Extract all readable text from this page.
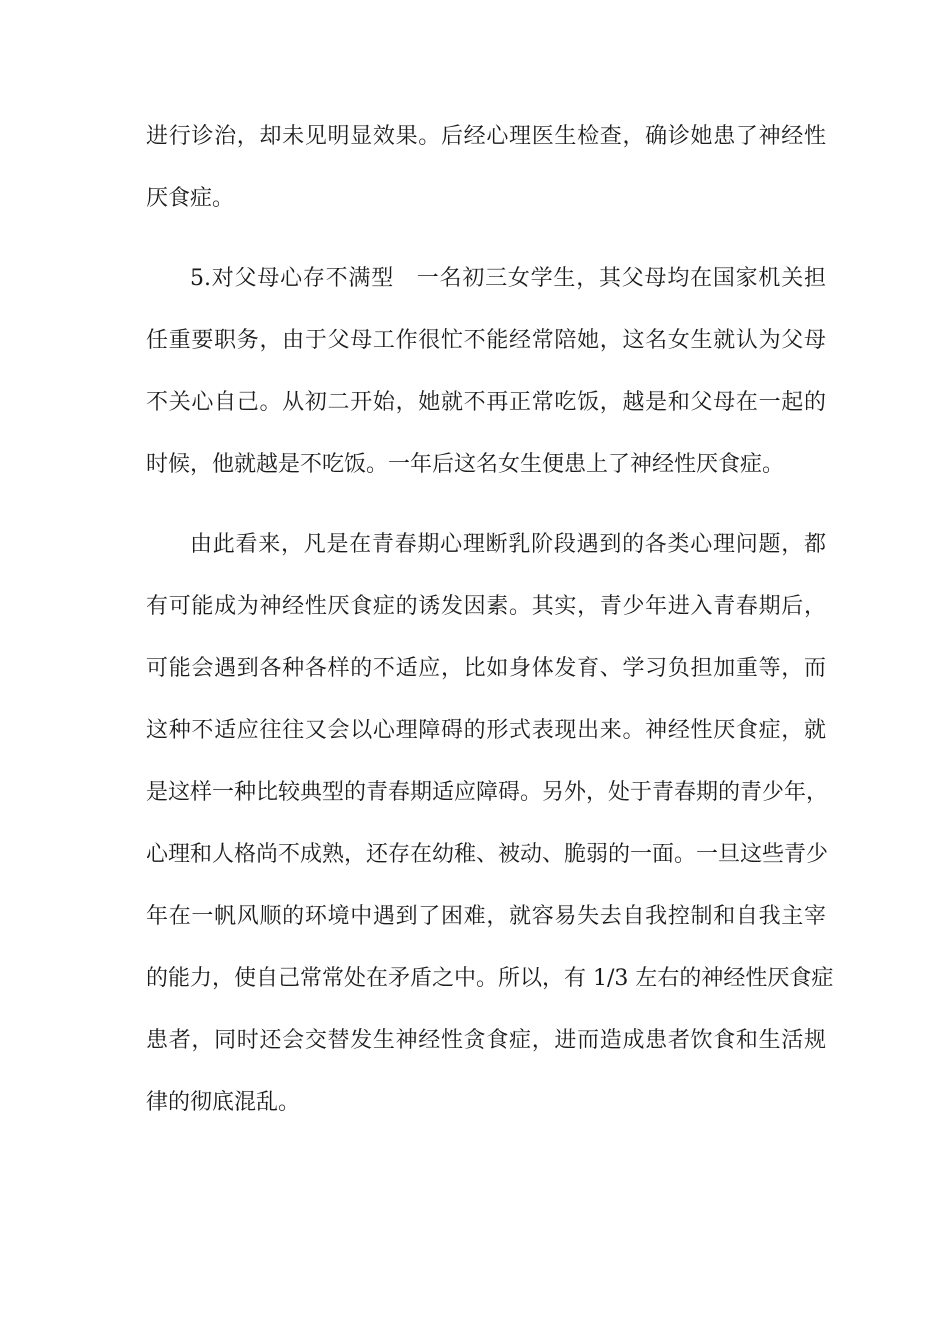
进行诊治，却未见明显效果。后经心理医生检查，确诊她患了神经性
厌食症。
5.对父母心存不满型　一名初三女学生，其父母均在国家机关担
任重要职务，由于父母工作很忙不能经常陪她，这名女生就认为父母
不关心自己。从初二开始，她就不再正常吃饭，越是和父母在一起的
时候，他就越是不吃饭。一年后这名女生便患上了神经性厌食症。
由此看来，凡是在青春期心理断乳阶段遇到的各类心理问题，都
有可能成为神经性厌食症的诱发因素。其实，青少年进入青春期后，
可能会遇到各种各样的不适应，比如身体发育、学习负担加重等，而
这种不适应往往又会以心理障碍的形式表现出来。神经性厌食症，就
是这样一种比较典型的青春期适应障碍。另外，处于青春期的青少年，
心理和人格尚不成熟，还存在幼稚、被动、脆弱的一面。一旦这些青少
年在一帆风顺的环境中遇到了困难，就容易失去自我控制和自我主宰
的能力，使自己常常处在矛盾之中。所以，有 1/3 左右的神经性厌食症
患者，同时还会交替发生神经性贪食症，进而造成患者饮食和生活规
律的彻底混乱。
